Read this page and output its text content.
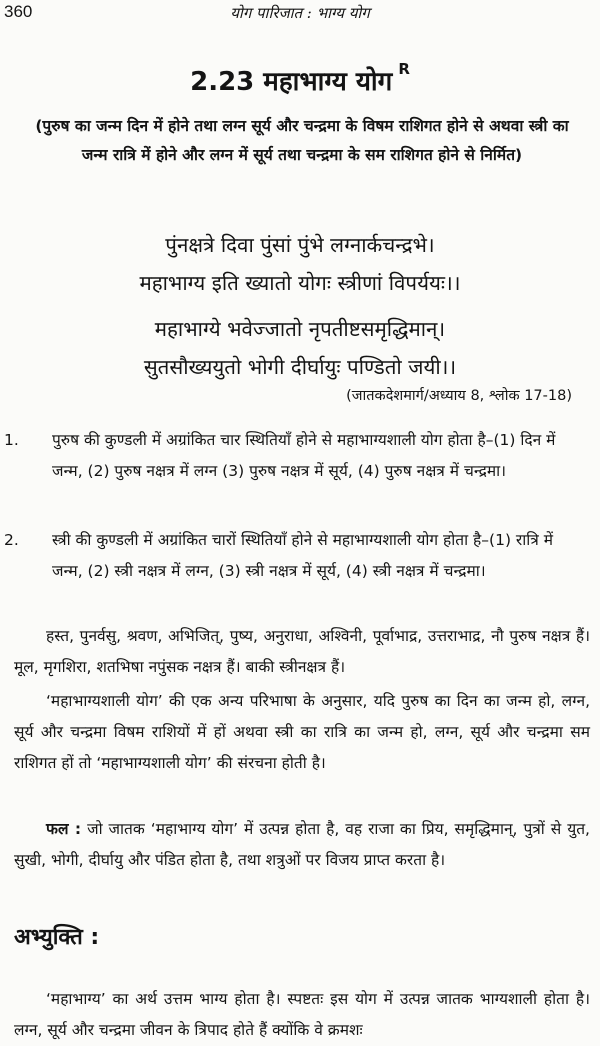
360	योग पारिजात : भाग्य योग
2.23 महाभाग्य योग $^R$
(पुरुष का जन्म दिन में होने तथा लग्न सूर्य और चन्द्रमा के विषम राशिगत होने से अथवा स्त्री का जन्म रात्रि में होने और लग्न में सूर्य तथा चन्द्रमा के सम राशिगत होने से निर्मित)
पुंनक्षत्रे दिवा पुंसां पुंभे लग्नार्कचन्द्रभे।
महाभाग्य इति ख्यातो योगः स्त्रीणां विपर्ययः।।
महाभाग्ये भवेज्जातो नृपतीष्टसमृद्धिमान्।
सुतसौख्ययुतो भोगी दीर्घायुः पण्डितो जयी।।
(जातकदेशमार्ग/अध्याय 8, श्लोक 17-18)
1.	पुरुष की कुण्डली में अग्रांकित चार स्थितियाँ होने से महाभाग्यशाली योग होता है–(1) दिन में जन्म, (2) पुरुष नक्षत्र में लग्न (3) पुरुष नक्षत्र में सूर्य, (4) पुरुष नक्षत्र में चन्द्रमा।
2.	स्त्री की कुण्डली में अग्रांकित चारों स्थितियाँ होने से महाभाग्यशाली योग होता है–(1) रात्रि में जन्म, (2) स्त्री नक्षत्र में लग्न, (3) स्त्री नक्षत्र में सूर्य, (4) स्त्री नक्षत्र में चन्द्रमा।
हस्त, पुनर्वसु, श्रवण, अभिजित्, पुष्य, अनुराधा, अश्विनी, पूर्वाभाद्र, उत्तराभाद्र, नौ पुरुष नक्षत्र हैं। मूल, मृगशिरा, शतभिषा नपुंसक नक्षत्र हैं। बाकी स्त्रीनक्षत्र हैं।
‘महाभाग्यशाली योग’ की एक अन्य परिभाषा के अनुसार, यदि पुरुष का दिन का जन्म हो, लग्न, सूर्य और चन्द्रमा विषम राशियों में हों अथवा स्त्री का रात्रि का जन्म हो, लग्न, सूर्य और चन्द्रमा सम राशिगत हों तो ‘महाभाग्यशाली योग’ की संरचना होती है।
फल : जो जातक ‘महाभाग्य योग’ में उत्पन्न होता है, वह राजा का प्रिय, समृद्धिमान्, पुत्रों से युत, सुखी, भोगी, दीर्घायु और पंडित होता है, तथा शत्रुओं पर विजय प्राप्त करता है।
अभ्युक्ति :
‘महाभाग्य’ का अर्थ उत्तम भाग्य होता है। स्पष्टतः इस योग में उत्पन्न जातक भाग्यशाली होता है। लग्न, सूर्य और चन्द्रमा जीवन के त्रिपाद होते हैं क्योंकि वे क्रमशः
